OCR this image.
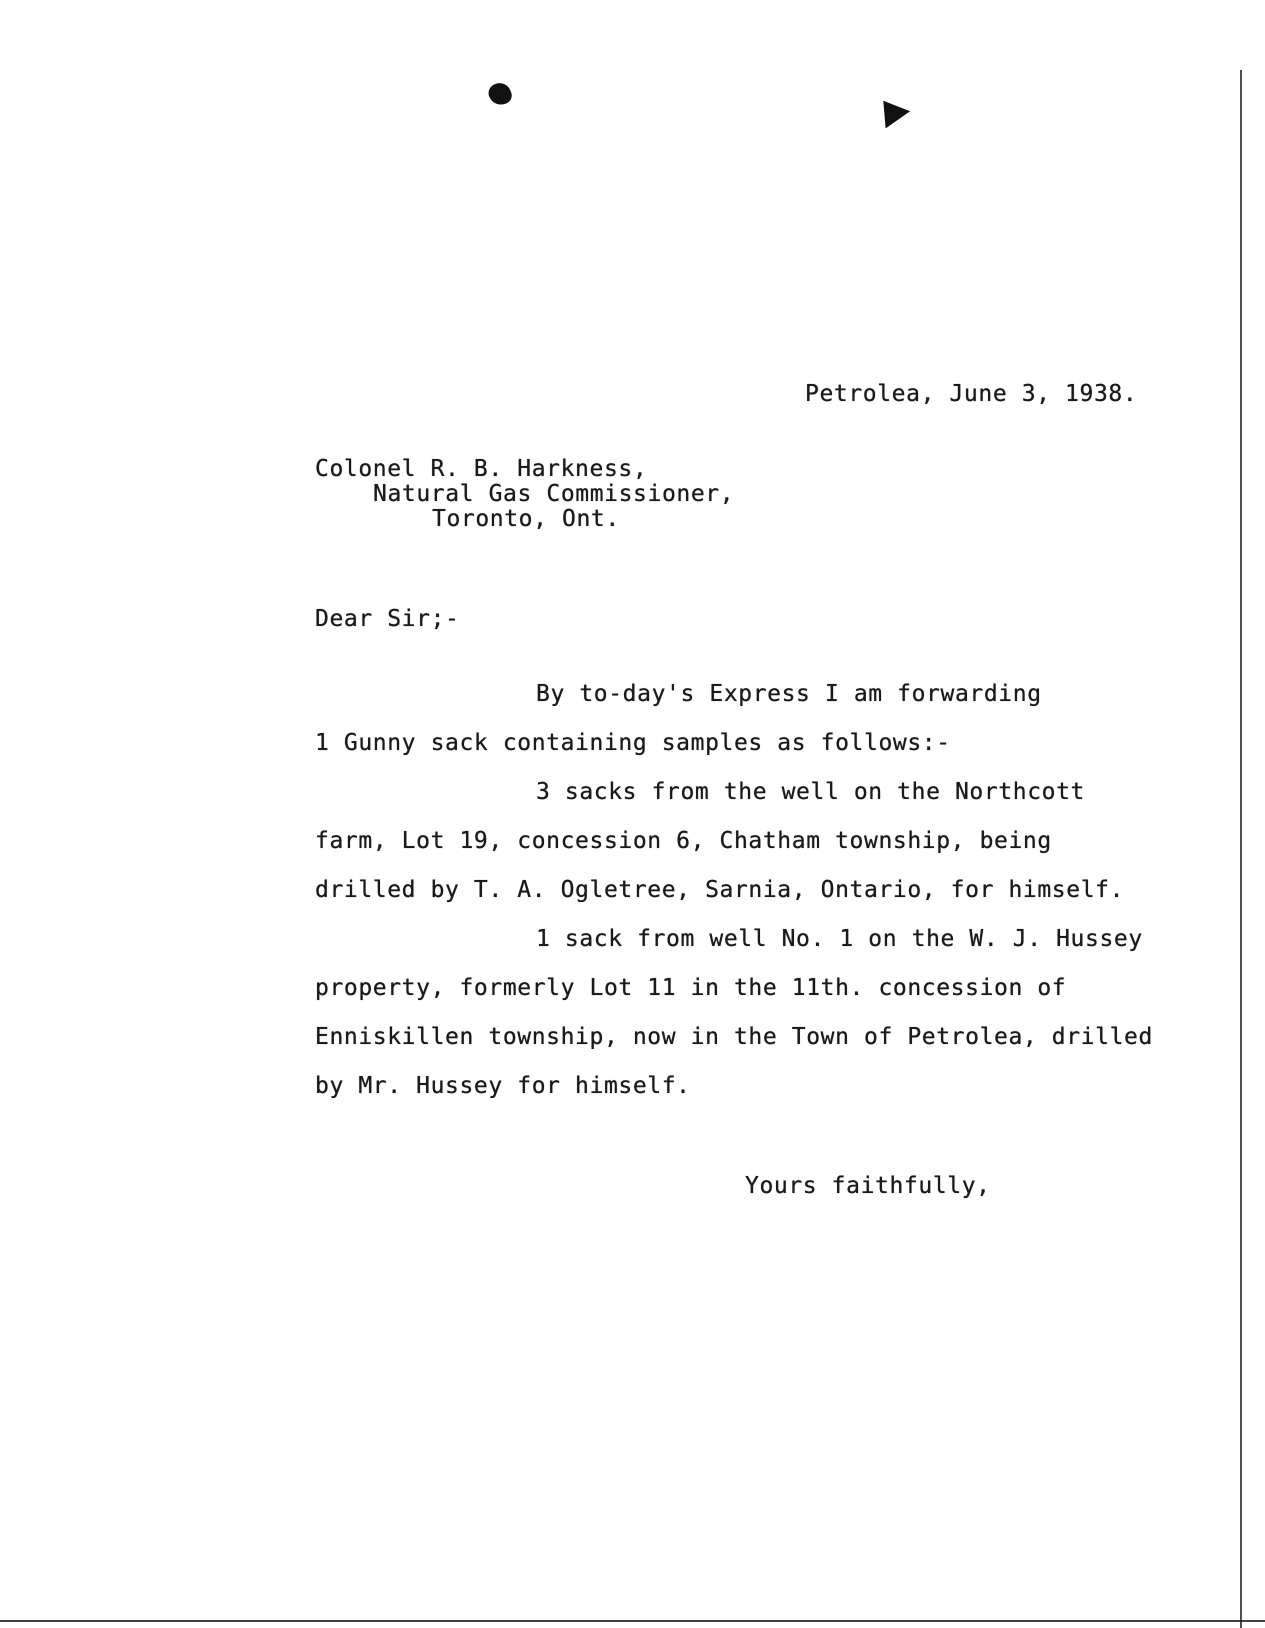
Petrolea, June 3, 1938.
Colonel R. B. Harkness,
Natural Gas Commissioner,
Toronto, Ont.
Dear Sir;-
By to-day's Express I am forwarding
1 Gunny sack containing samples as follows:-
3 sacks from the well on the Northcott
farm, Lot 19, concession 6, Chatham township, being
drilled by T. A. Ogletree, Sarnia, Ontario, for himself.
1 sack from well No. 1 on the W. J. Hussey
property, formerly Lot 11 in the 11th. concession of
Enniskillen township, now in the Town of Petrolea, drilled
by Mr. Hussey for himself.
Yours faithfully,
